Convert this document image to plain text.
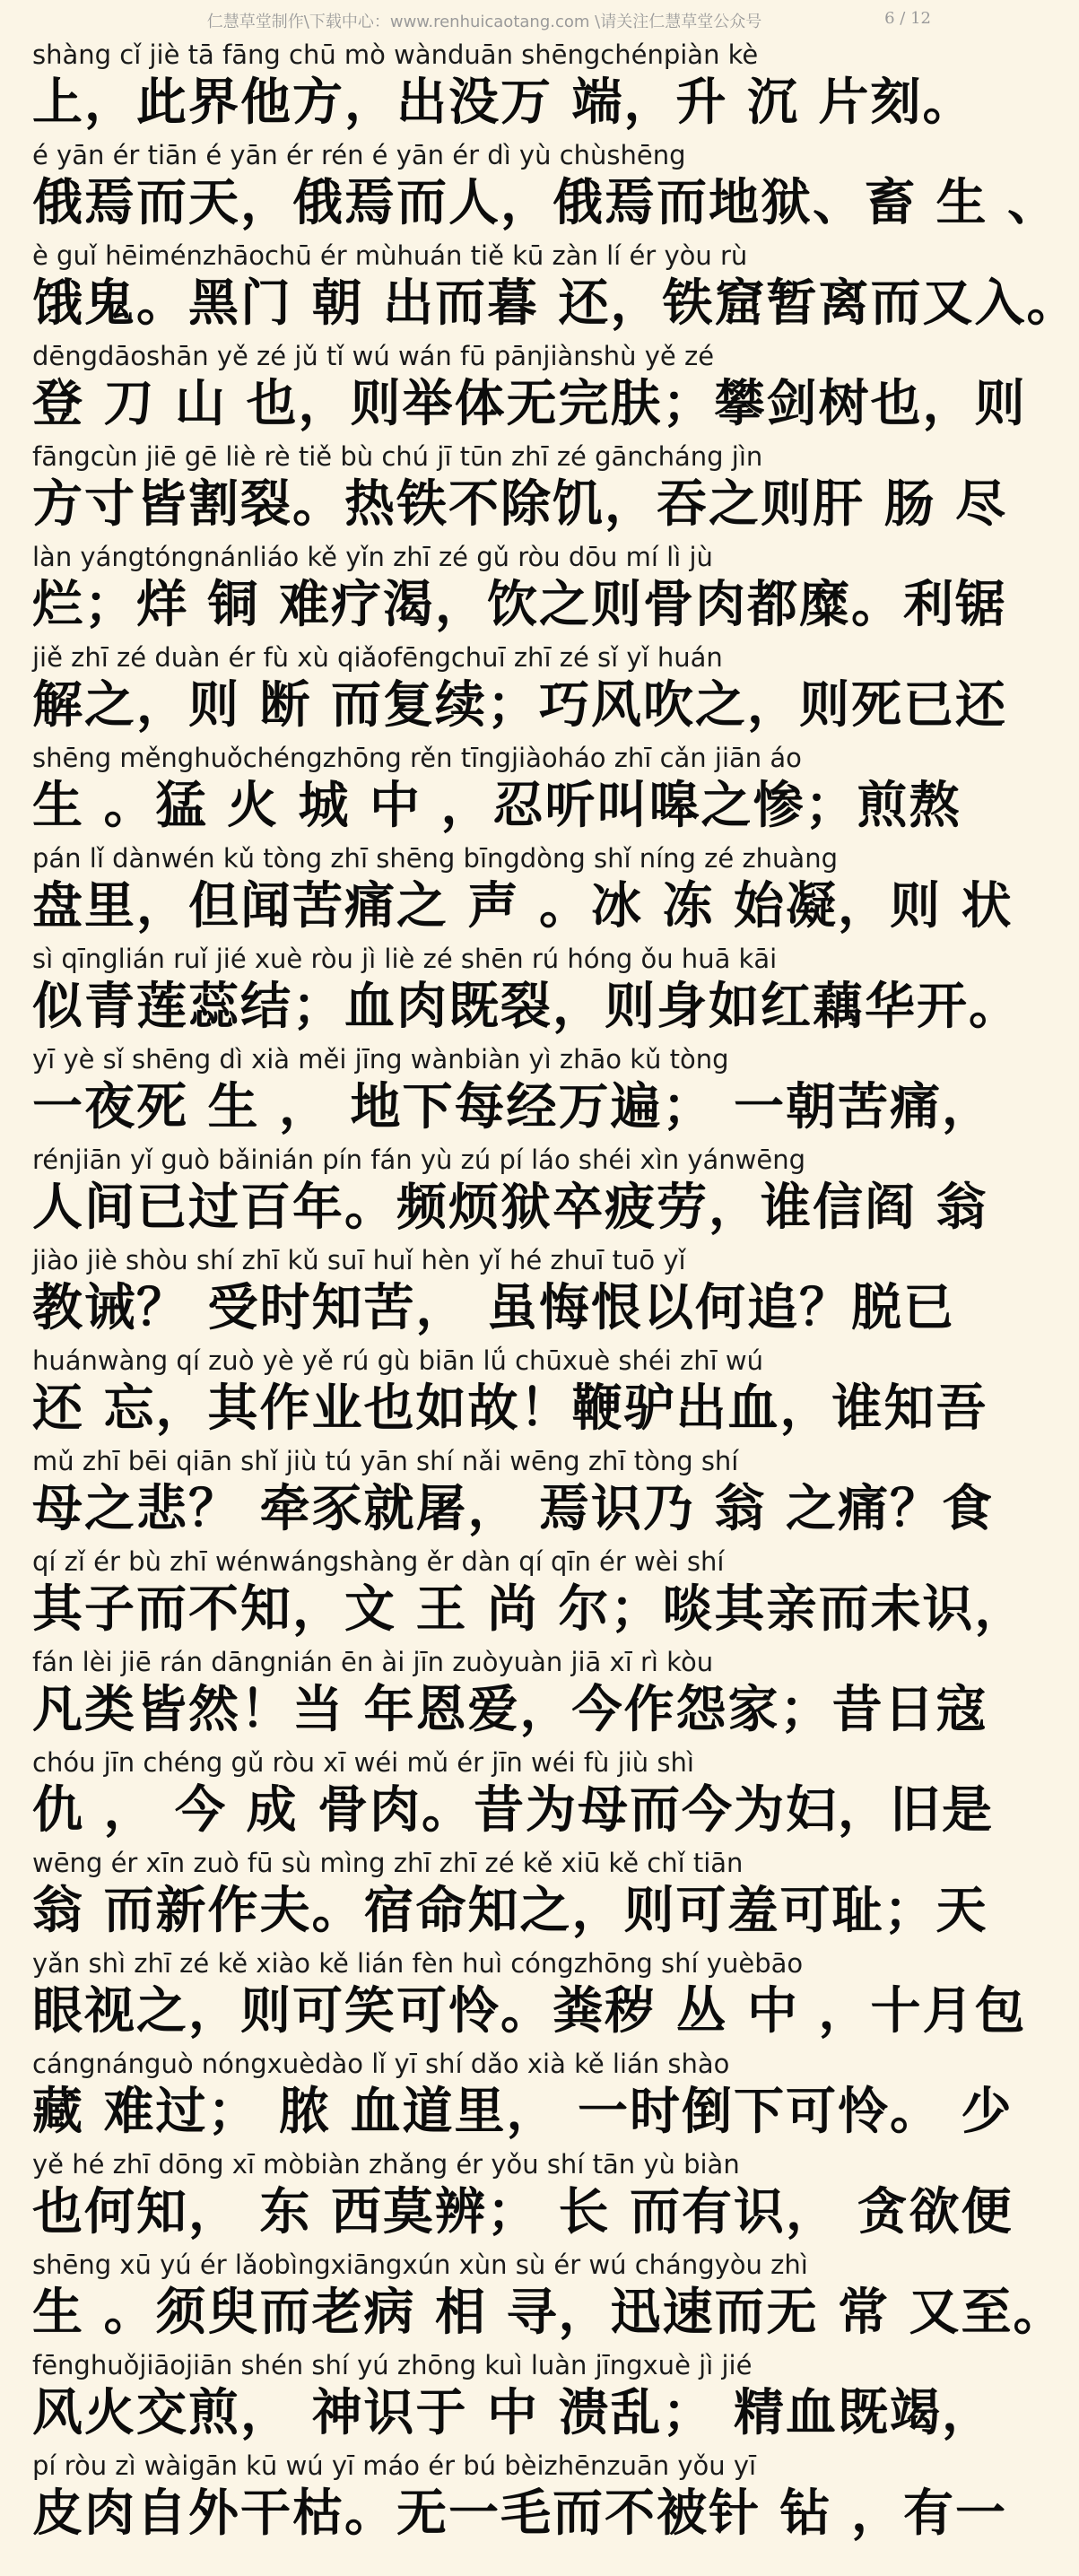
仁慧草堂制作\下载中心：www.renhuicaotang.com \请关注仁慧草堂公众号	6 / 12
shàng cǐ jiè tā fāng chū mò wànduān shēngchénpiàn kè
上，此界他方，出没万 端，升 沉 片刻。
é yān ér tiān é yān ér rén é yān ér dì yù chùshēng
俄焉而天，俄焉而人，俄焉而地狱、畜 生 、
è guǐ hēiménzhāochū ér mùhuán tiě kū zàn lí ér yòu rù
饿鬼。黑门 朝 出而暮 还，铁窟暂离而又入。
dēngdāoshān yě zé jǔ tǐ wú wán fū pānjiànshù yě zé
登 刀 山 也，则举体无完肤；攀剑树也，则
fāngcùn jiē gē liè rè tiě bù chú jī tūn zhī zé gāncháng jìn
方寸皆割裂。热铁不除饥，吞之则肝 肠 尽
làn yángtóngnánliáo kě yǐn zhī zé gǔ ròu dōu mí lì jù
烂；烊 铜 难疗渴，饮之则骨肉都糜。利锯
jiě zhī zé duàn ér fù xù qiǎofēngchuī zhī zé sǐ yǐ huán
解之，则 断 而复续；巧风吹之，则死已还
shēng měnghuǒchéngzhōng rěn tīngjiàoháo zhī cǎn jiān áo
生 。猛 火 城 中 ，忍听叫嗥之惨；煎熬
pán lǐ dànwén kǔ tòng zhī shēng bīngdòng shǐ níng zé zhuàng
盘里，但闻苦痛之 声 。冰 冻 始凝，则 状
sì qīnglián ruǐ jié xuè ròu jì liè zé shēn rú hóng ǒu huā kāi
似青莲蕊结；血肉既裂，则身如红藕华开。
yī yè sǐ shēng dì xià měi jīng wànbiàn yì zhāo kǔ tòng
一夜死 生 ， 地下每经万遍； 一朝苦痛，
rénjiān yǐ guò bǎinián pín fán yù zú pí láo shéi xìn yánwēng
人间已过百年。频烦狱卒疲劳，谁信阎 翁
jiào jiè shòu shí zhī kǔ suī huǐ hèn yǐ hé zhuī tuō yǐ
教诫？ 受时知苦， 虽悔恨以何追？脱已
huánwàng qí zuò yè yě rú gù biān lǘ chūxuè shéi zhī wú
还 忘，其作业也如故！鞭驴出血，谁知吾
mǔ zhī bēi qiān shǐ jiù tú yān shí nǎi wēng zhī tòng shí
母之悲？ 牵豕就屠， 焉识乃 翁 之痛？食
qí zǐ ér bù zhī wénwángshàng ěr dàn qí qīn ér wèi shí
其子而不知，文 王 尚 尔；啖其亲而未识，
fán lèi jiē rán dāngnián ēn ài jīn zuòyuàn jiā xī rì kòu
凡类皆然！当 年恩爱，今作怨家；昔日寇
chóu jīn chéng gǔ ròu xī wéi mǔ ér jīn wéi fù jiù shì
仇 ， 今 成 骨肉。昔为母而今为妇，旧是
wēng ér xīn zuò fū sù mìng zhī zhī zé kě xiū kě chǐ tiān
翁 而新作夫。宿命知之，则可羞可耻；天
yǎn shì zhī zé kě xiào kě lián fèn huì cóngzhōng shí yuèbāo
眼视之，则可笑可怜。粪秽 丛 中 ，十月包
cángnánguò nóngxuèdào lǐ yī shí dǎo xià kě lián shào
藏 难过； 脓 血道里， 一时倒下可怜。 少
yě hé zhī dōng xī mòbiàn zhǎng ér yǒu shí tān yù biàn
也何知， 东 西莫辨； 长 而有识， 贪欲便
shēng xū yú ér lǎobìngxiāngxún xùn sù ér wú chángyòu zhì
生 。须臾而老病 相 寻，迅速而无 常 又至。
fēnghuǒjiāojiān shén shí yú zhōng kuì luàn jīngxuè jì jié
风火交煎， 神识于 中 溃乱； 精血既竭，
pí ròu zì wàigān kū wú yī máo ér bú bèizhēnzuān yǒu yī
皮肉自外干枯。无一毛而不被针 钻 ，有一
